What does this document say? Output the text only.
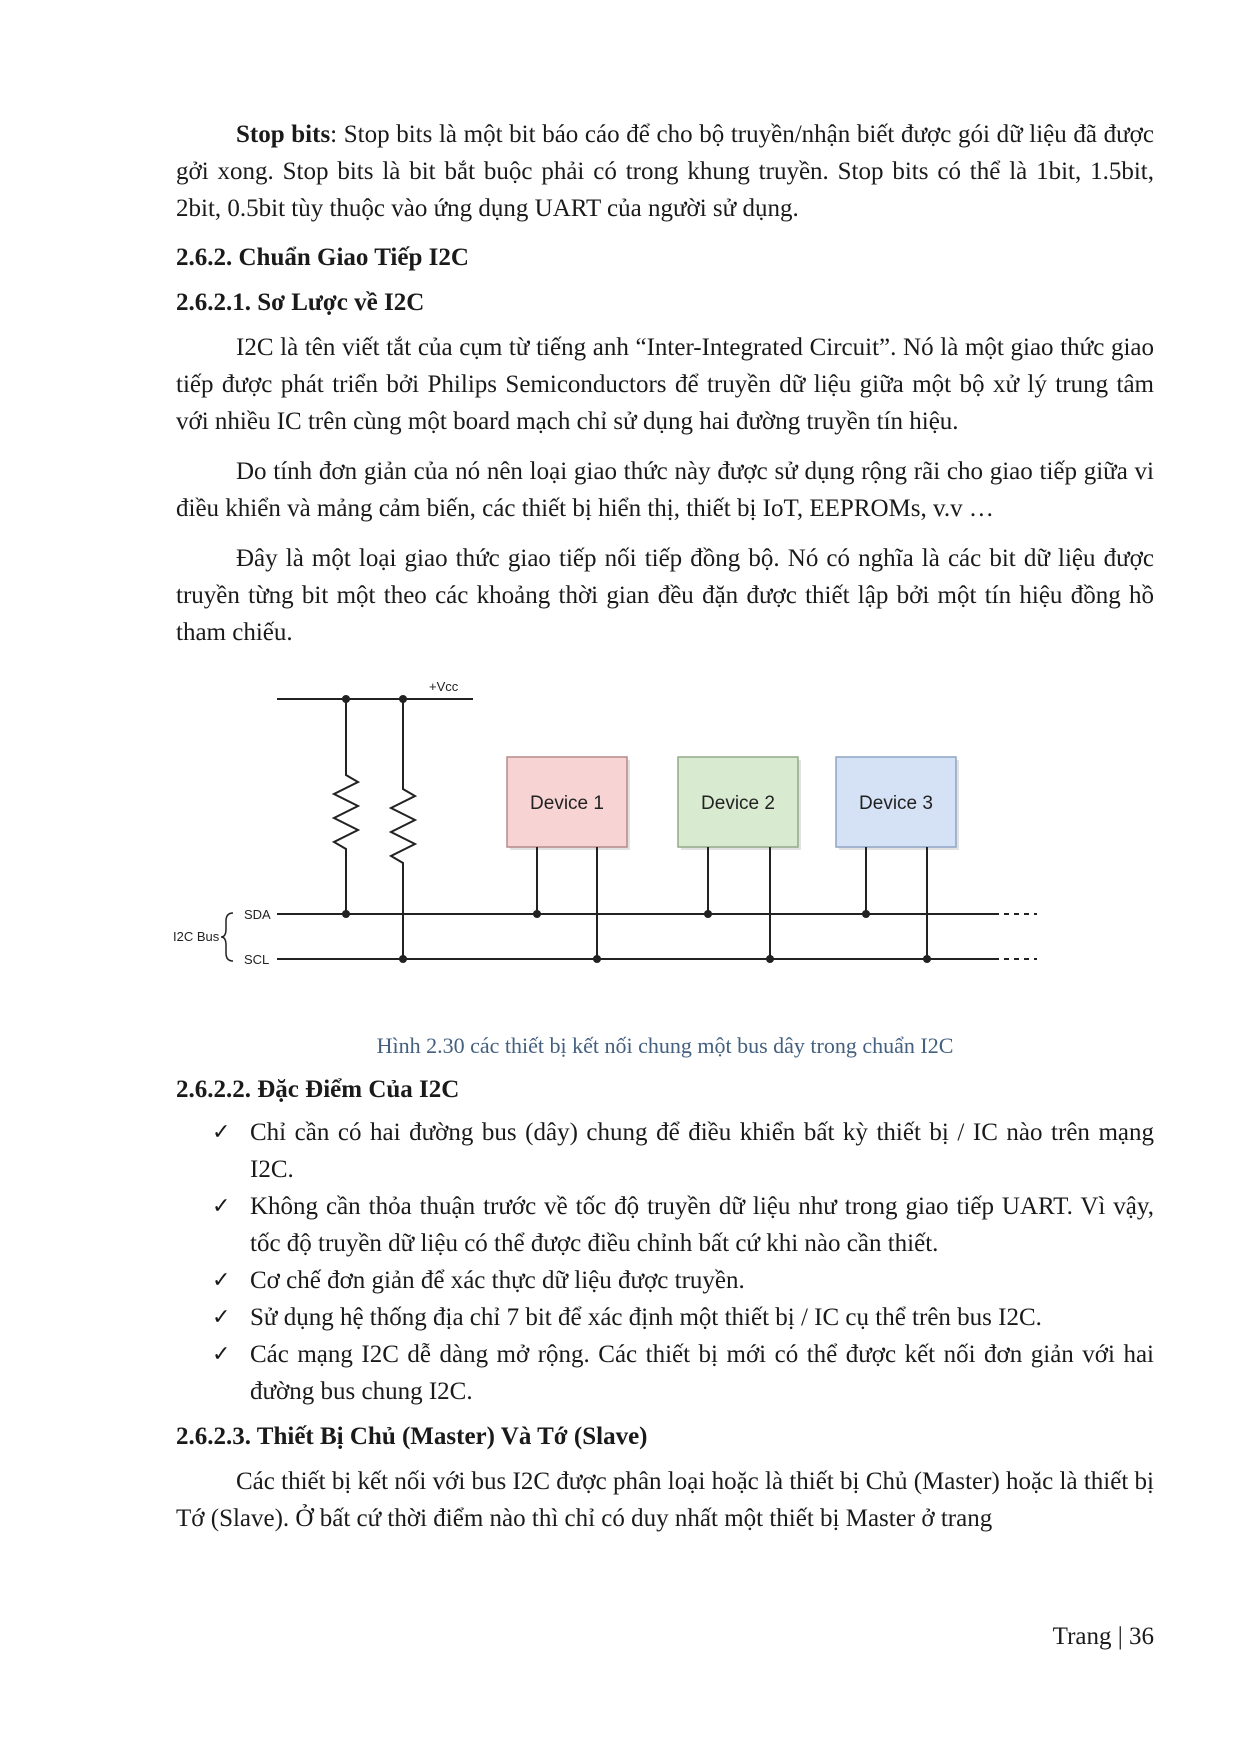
Stop bits: Stop bits là một bit báo cáo để cho bộ truyền/nhận biết được gói dữ liệu đã được gởi xong. Stop bits là bit bắt buộc phải có trong khung truyền. Stop bits có thể là 1bit, 1.5bit, 2bit, 0.5bit tùy thuộc vào ứng dụng UART của người sử dụng.

2.6.2. Chuẩn Giao Tiếp I2C
2.6.2.1. Sơ Lược về I2C

I2C là tên viết tắt của cụm từ tiếng anh “Inter-Integrated Circuit”. Nó là một giao thức giao tiếp được phát triển bởi Philips Semiconductors để truyền dữ liệu giữa một bộ xử lý trung tâm với nhiều IC trên cùng một board mạch chỉ sử dụng hai đường truyền tín hiệu.

Do tính đơn giản của nó nên loại giao thức này được sử dụng rộng rãi cho giao tiếp giữa vi điều khiển và mảng cảm biến, các thiết bị hiển thị, thiết bị IoT, EEPROMs, v.v …

Đây là một loại giao thức giao tiếp nối tiếp đồng bộ. Nó có nghĩa là các bit dữ liệu được truyền từng bit một theo các khoảng thời gian đều đặn được thiết lập bởi một tín hiệu đồng hồ tham chiếu.

+Vcc
SDA
SCL
I2C Bus
Device 1	Device 2	Device 3
Hình 2.30 các thiết bị kết nối chung một bus dây trong chuẩn I2C
2.6.2.2. Đặc Điểm Của I2C
✓ Chỉ cần có hai đường bus (dây) chung để điều khiển bất kỳ thiết bị / IC nào trên mạng I2C.
✓ Không cần thỏa thuận trước về tốc độ truyền dữ liệu như trong giao tiếp UART. Vì vậy, tốc độ truyền dữ liệu có thể được điều chỉnh bất cứ khi nào cần thiết.
✓ Cơ chế đơn giản để xác thực dữ liệu được truyền.
✓ Sử dụng hệ thống địa chỉ 7 bit để xác định một thiết bị / IC cụ thể trên bus I2C.
✓ Các mạng I2C dễ dàng mở rộng. Các thiết bị mới có thể được kết nối đơn giản với hai đường bus chung I2C.
2.6.2.3. Thiết Bị Chủ (Master) Và Tớ (Slave)

Các thiết bị kết nối với bus I2C được phân loại hoặc là thiết bị Chủ (Master) hoặc là thiết bị Tớ (Slave). Ở bất cứ thời điểm nào thì chỉ có duy nhất một thiết bị Master ở trang

Trang | 36
